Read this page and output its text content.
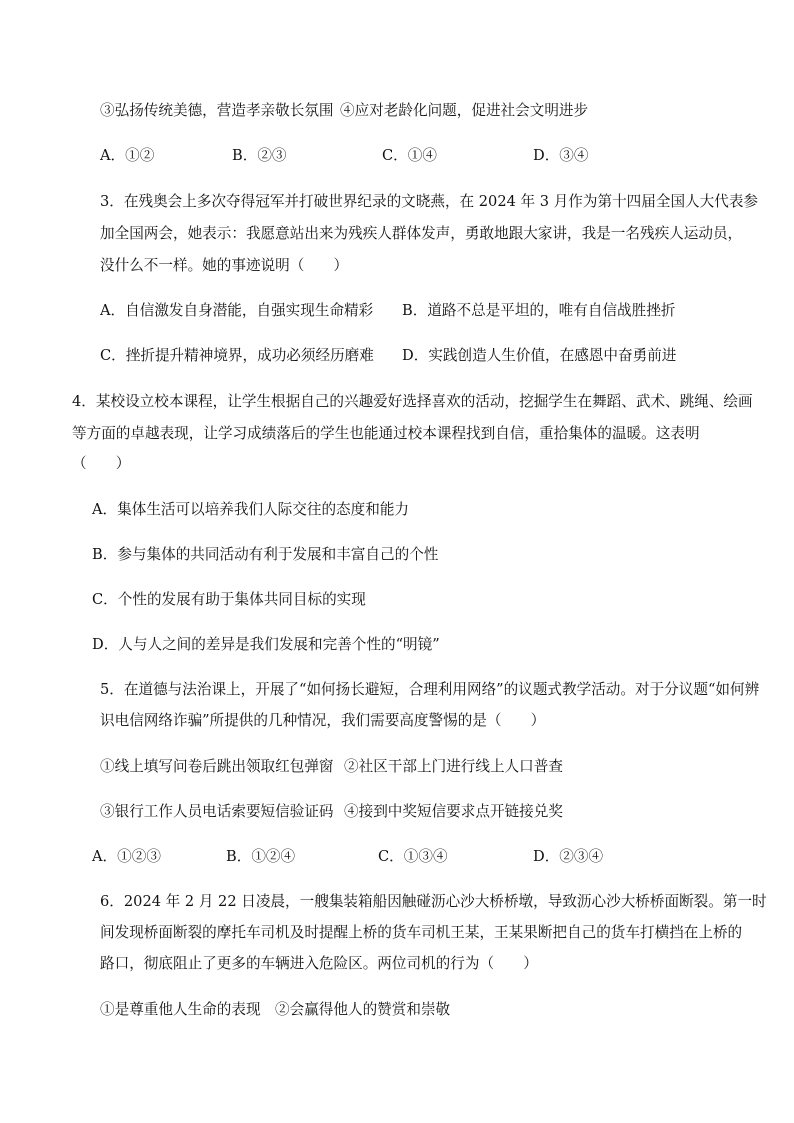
③弘扬传统美德，营造孝亲敬长氛围 ④应对老龄化问题，促进社会文明进步
A．①②	B．②③	C．①④	D．③④
3．在残奥会上多次夺得冠军并打破世界纪录的文晓燕，在 2024 年 3 月作为第十四届全国人大代表参
加全国两会，她表示：我愿意站出来为残疾人群体发声，勇敢地跟大家讲，我是一名残疾人运动员，
没什么不一样。她的事迹说明（　　）
A．自信激发自身潜能，自强实现生命精彩 B．道路不总是平坦的，唯有自信战胜挫折
C．挫折提升精神境界，成功必须经历磨难 D．实践创造人生价值，在感恩中奋勇前进
4．某校设立校本课程，让学生根据自己的兴趣爱好选择喜欢的活动，挖掘学生在舞蹈、武术、跳绳、绘画
等方面的卓越表现，让学习成绩落后的学生也能通过校本课程找到自信，重拾集体的温暖。这表明
（　　）
A．集体生活可以培养我们人际交往的态度和能力
B．参与集体的共同活动有利于发展和丰富自己的个性
C．个性的发展有助于集体共同目标的实现
D．人与人之间的差异是我们发展和完善个性的“明镜”
5．在道德与法治课上，开展了“如何扬长避短，合理利用网络”的议题式教学活动。对于分议题“如何辨
识电信网络诈骗”所提供的几种情况，我们需要高度警惕的是（　　）
①线上填写问卷后跳出领取红包弹窗 ②社区干部上门进行线上人口普查
③银行工作人员电话索要短信验证码 ④接到中奖短信要求点开链接兑奖
A．①②③	B．①②④	C．①③④	D．②③④
6．2024 年 2 月 22 日凌晨，一艘集装箱船因触碰沥心沙大桥桥墩，导致沥心沙大桥桥面断裂。第一时
间发现桥面断裂的摩托车司机及时提醒上桥的货车司机王某，王某果断把自己的货车打横挡在上桥的
路口，彻底阻止了更多的车辆进入危险区。两位司机的行为（　　）
①是尊重他人生命的表现 ②会赢得他人的赞赏和崇敬
